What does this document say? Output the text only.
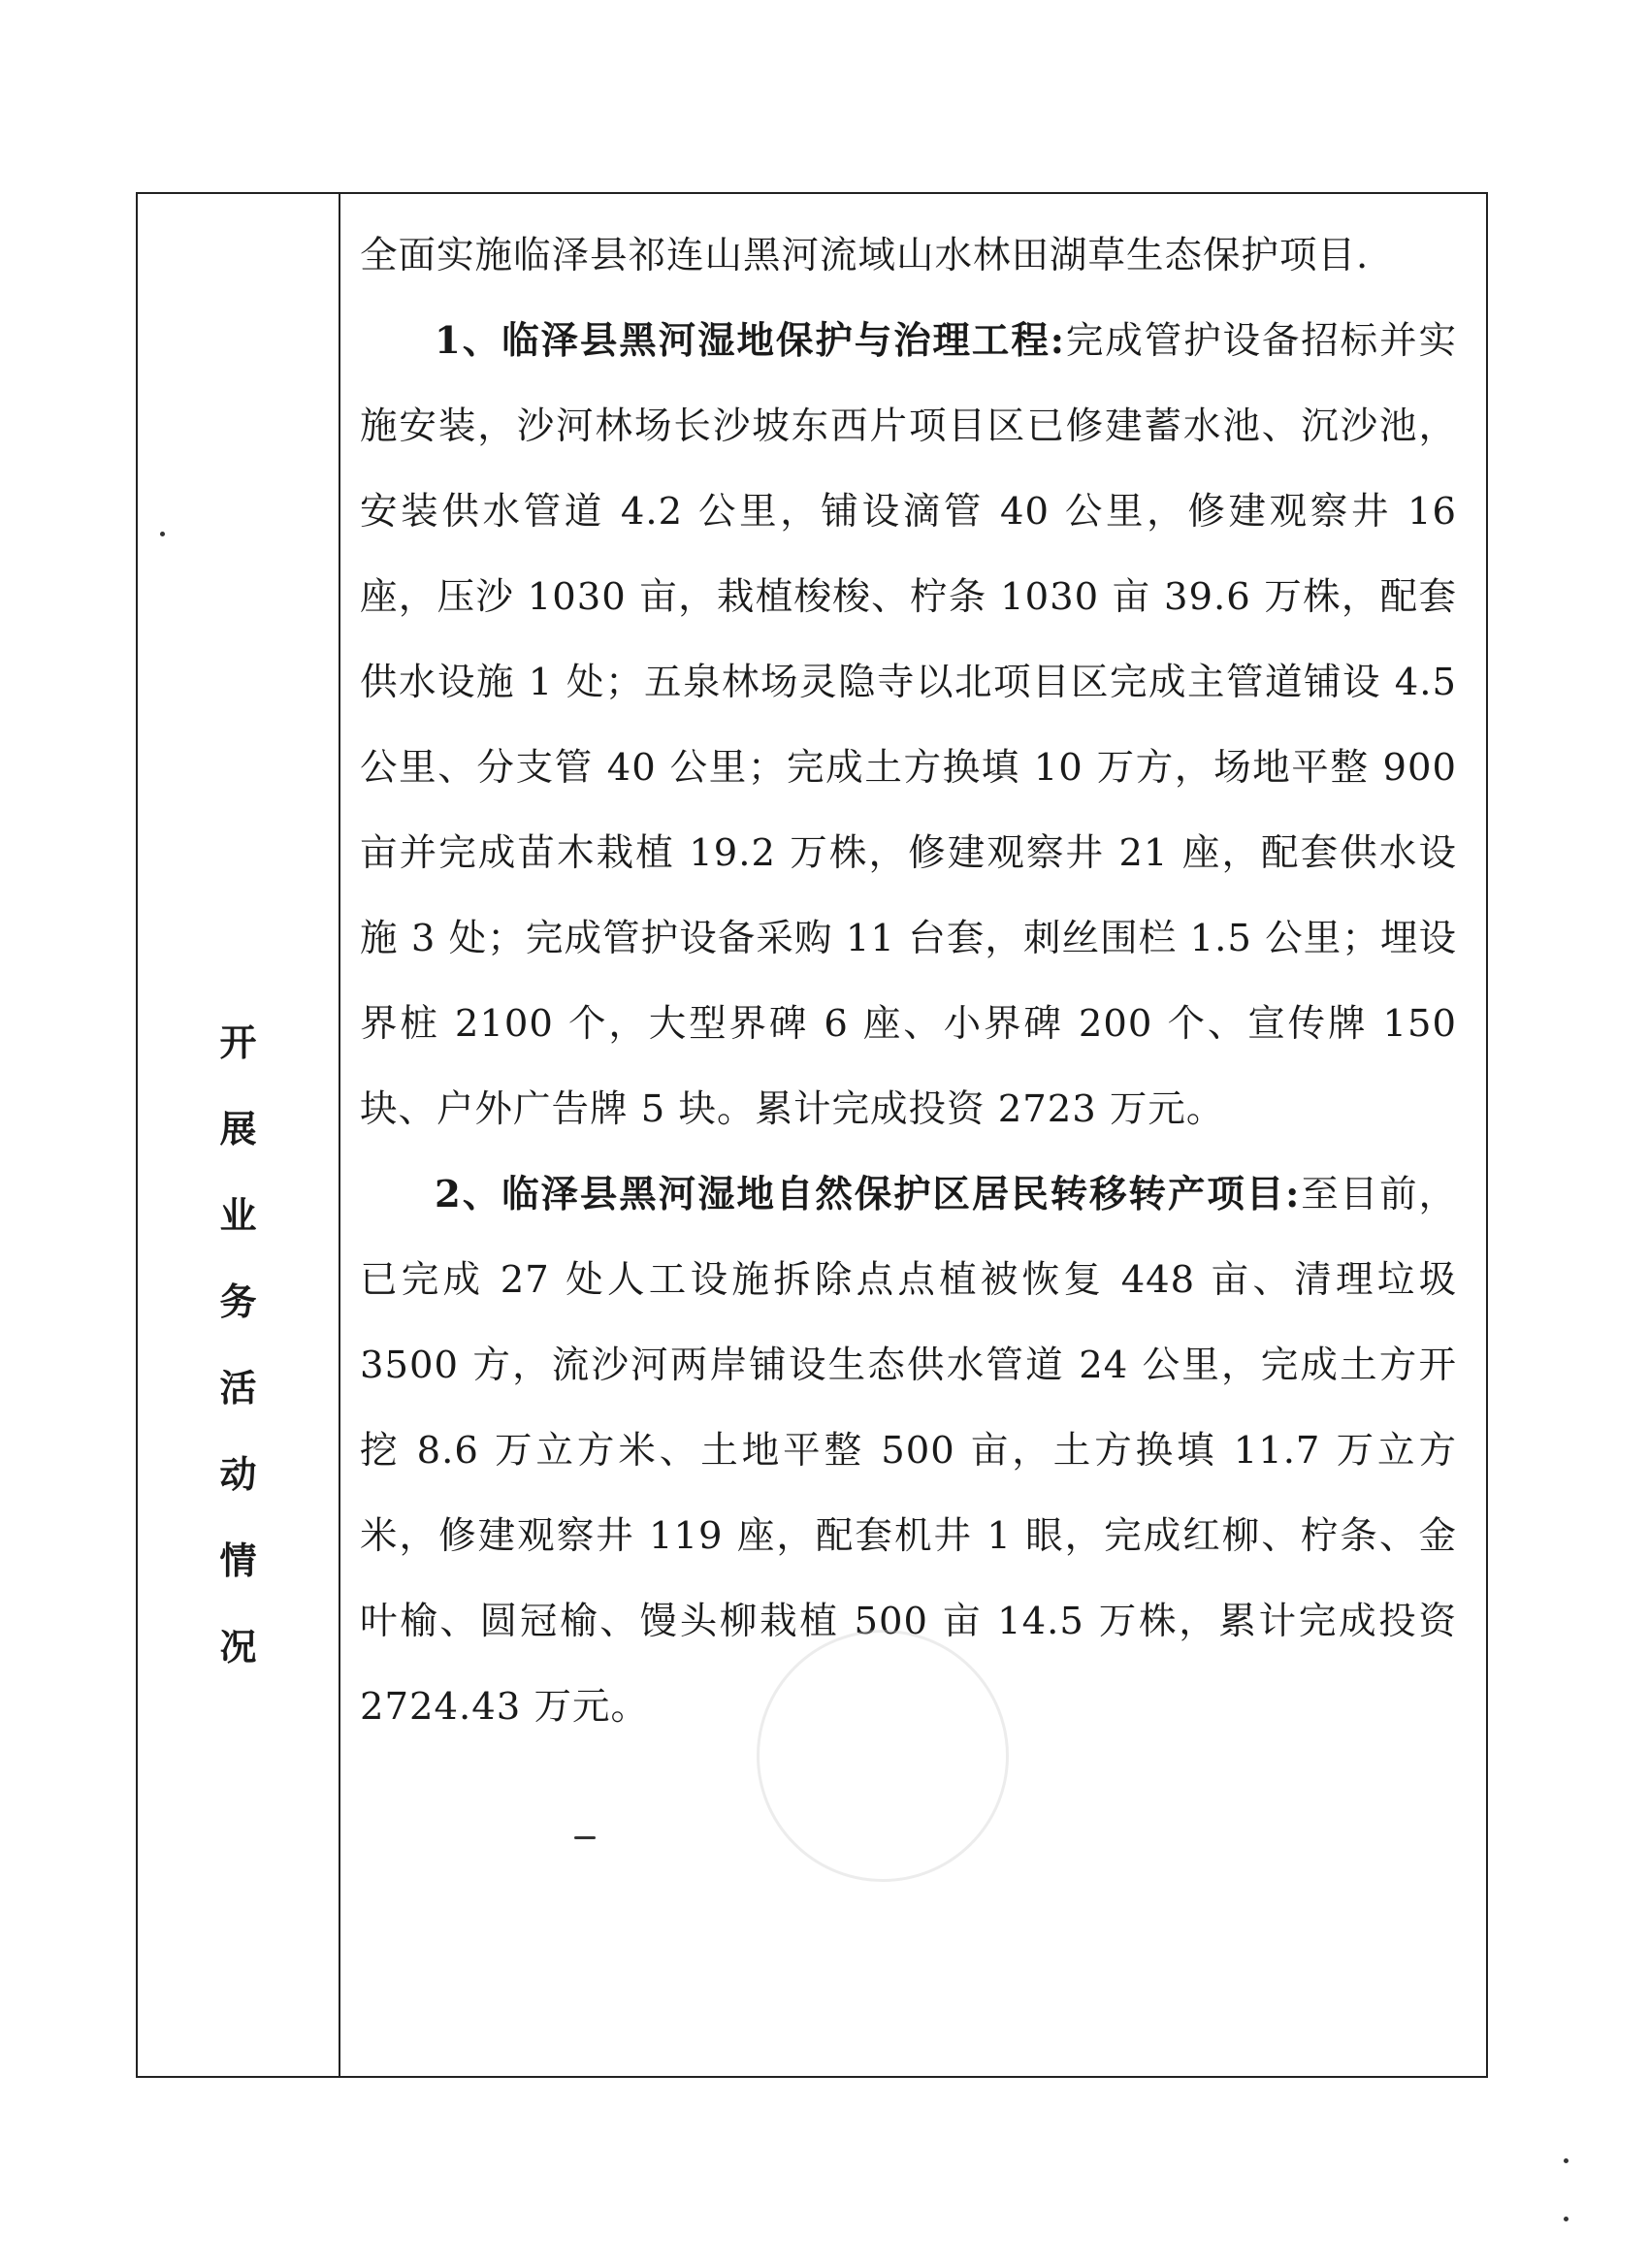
开
展
业
务
活
动
情
况

全面实施临泽县祁连山黑河流域山水林田湖草生态保护项目.

1、临泽县黑河湿地保护与治理工程:完成管护设备招标并实施安装，沙河林场长沙坡东西片项目区已修建蓄水池、沉沙池，安装供水管道 4.2 公里，铺设滴管 40 公里，修建观察井 16 座，压沙 1030 亩，栽植梭梭、柠条 1030 亩 39.6 万株，配套供水设施 1 处；五泉林场灵隐寺以北项目区完成主管道铺设 4.5 公里、分支管 40 公里；完成土方换填 10 万方，场地平整 900 亩并完成苗木栽植 19.2 万株，修建观察井 21 座，配套供水设施 3 处；完成管护设备采购 11 台套，刺丝围栏 1.5 公里；埋设界桩 2100 个，大型界碑 6 座、小界碑 200 个、宣传牌 150 块、户外广告牌 5 块。累计完成投资 2723 万元。

2、临泽县黑河湿地自然保护区居民转移转产项目:至目前，已完成 27 处人工设施拆除点点植被恢复 448 亩、清理垃圾 3500 方，流沙河两岸铺设生态供水管道 24 公里，完成土方开挖 8.6 万立方米、土地平整 500 亩，土方换填 11.7 万立方米，修建观察井 119 座，配套机井 1 眼，完成红柳、柠条、金叶榆、圆冠榆、馒头柳栽植 500 亩 14.5 万株，累计完成投资 2724.43 万元。
